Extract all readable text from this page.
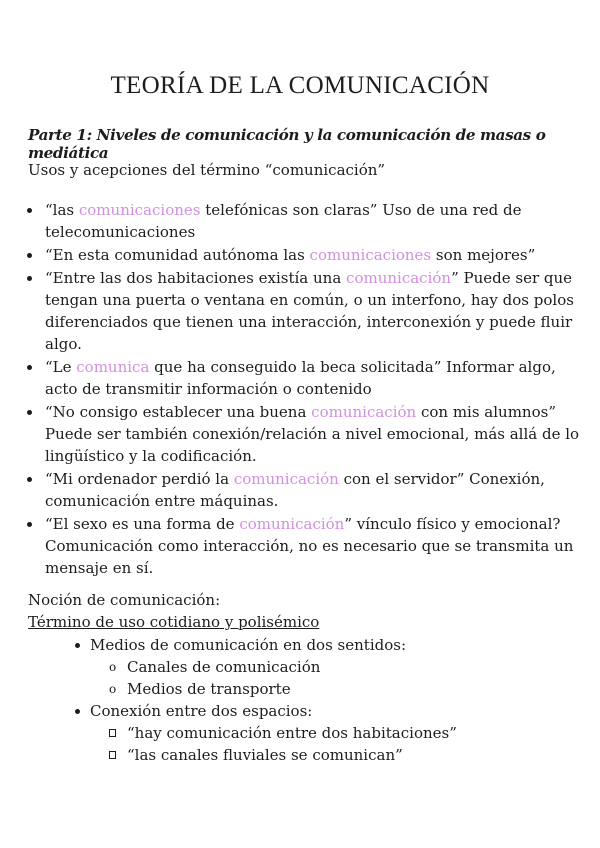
TEORÍA DE LA COMUNICACIÓN
Parte 1: Niveles de comunicación y la comunicación de masas o mediática
Usos y acepciones del término “comunicación”
“las comunicaciones telefónicas son claras” Uso de una red de telecomunicaciones
“En esta comunidad autónoma las comunicaciones son mejores”
“Entre las dos habitaciones existía una comunicación” Puede ser que tengan una puerta o ventana en común, o un interfono, hay dos polos diferenciados que tienen una interacción, interconexión y puede fluir algo.
“Le comunica que ha conseguido la beca solicitada” Informar algo, acto de transmitir información o contenido
“No consigo establecer una buena comunicación con mis alumnos” Puede ser también conexión/relación a nivel emocional, más allá de lo lingüístico y la codificación.
“Mi ordenador perdió la comunicación con el servidor” Conexión, comunicación entre máquinas.
“El sexo es una forma de comunicación” vínculo físico y emocional? Comunicación como interacción, no es necesario que se transmita un mensaje en sí.
Noción de comunicación:
Término de uso cotidiano y polisémico
Medios de comunicación en dos sentidos:
o Canales de comunicación
o Medios de transporte
Conexión entre dos espacios:
“hay comunicación entre dos habitaciones”
“las canales fluviales se comunican”
